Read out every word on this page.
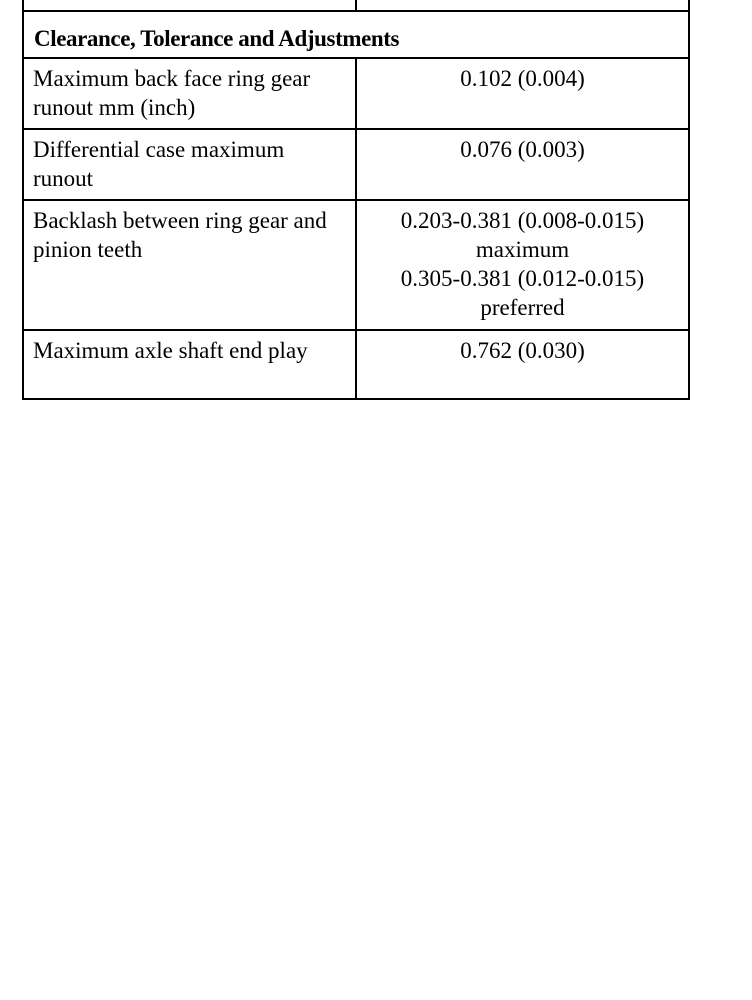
Clearance, Tolerance and Adjustments	
Maximum back face ring gear runout mm (inch)	0.102 (0.004)

Differential case maximum runout	0.076 (0.003)

Backlash between ring gear and pinion teeth	0.203-0.381 (0.008-0.015)
maximum
0.305-0.381 (0.012-0.015)
preferred

Maximum axle shaft end play	0.762 (0.030)
